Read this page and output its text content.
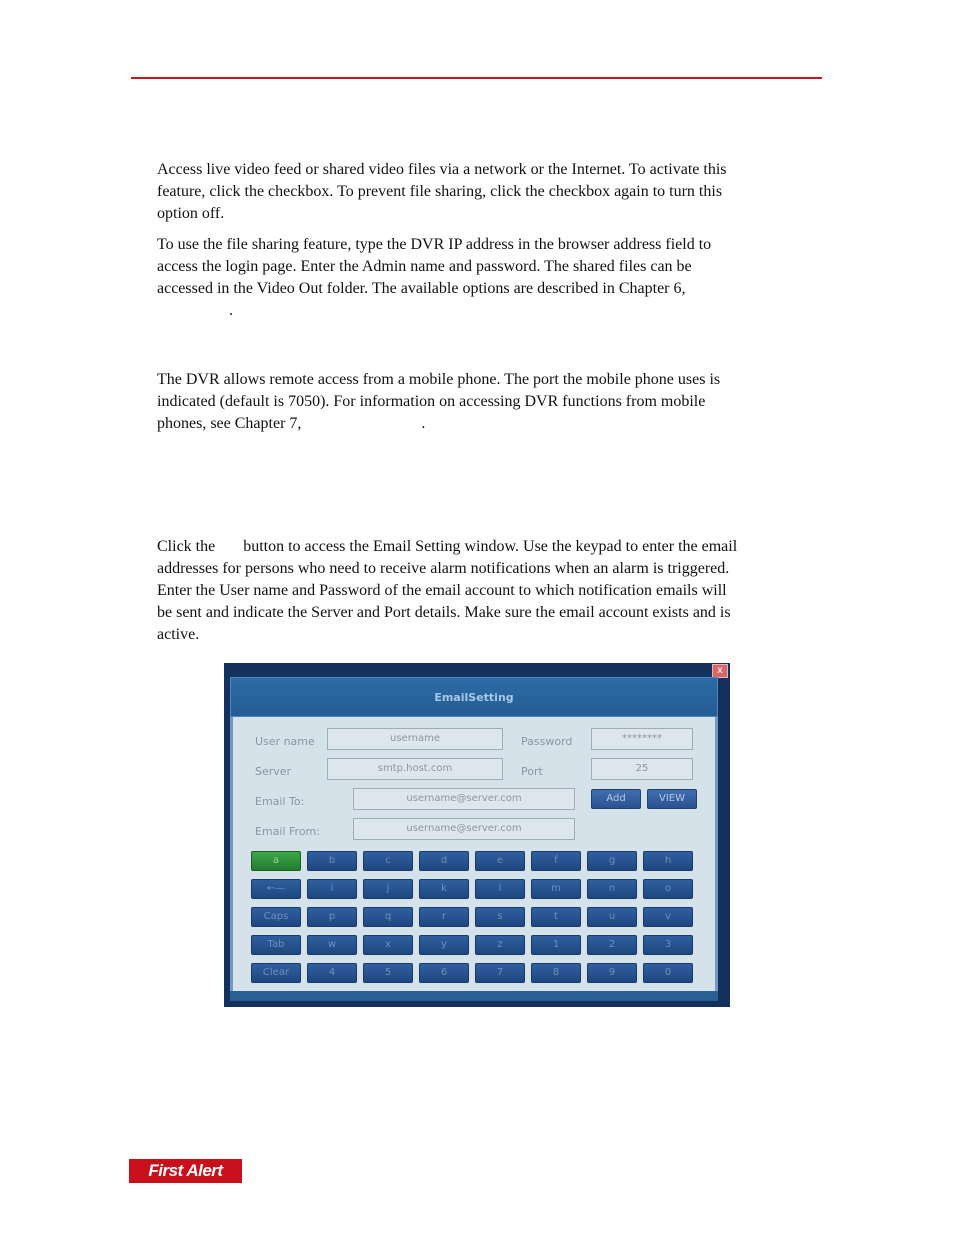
Access live video feed or shared video files via a network or the Internet. To activate this
feature, click the checkbox. To prevent file sharing, click the checkbox again to turn this
option off.
To use the file sharing feature, type the DVR IP address in the browser address field to
access the login page. Enter the Admin name and password. The shared files can be
accessed in the Video Out folder. The available options are described in Chapter 6,
.
The DVR allows remote access from a mobile phone. The port the mobile phone uses is
indicated (default is 7050). For information on accessing DVR functions from mobile
phones, see Chapter 7,                              .
Click the       button to access the Email Setting window. Use the keypad to enter the email
addresses for persons who need to receive alarm notifications when an alarm is triggered.
Enter the User name and Password of the email account to which notification emails will
be sent and indicate the Server and Port details. Make sure the email account exists and is
active.
x
EmailSetting
User name	username	Password	********
Server	smtp.host.com	Port	25
Email To:	username@server.com	Add	VIEW
Email From:	username@server.com
a	b	c	d	e	f	g	h
←—	i	j	k	l	m	n	o
Caps	p	q	r	s	t	u	v
Tab	w	x	y	z	1	2	3
Clear	4	5	6	7	8	9	0
First Alert
